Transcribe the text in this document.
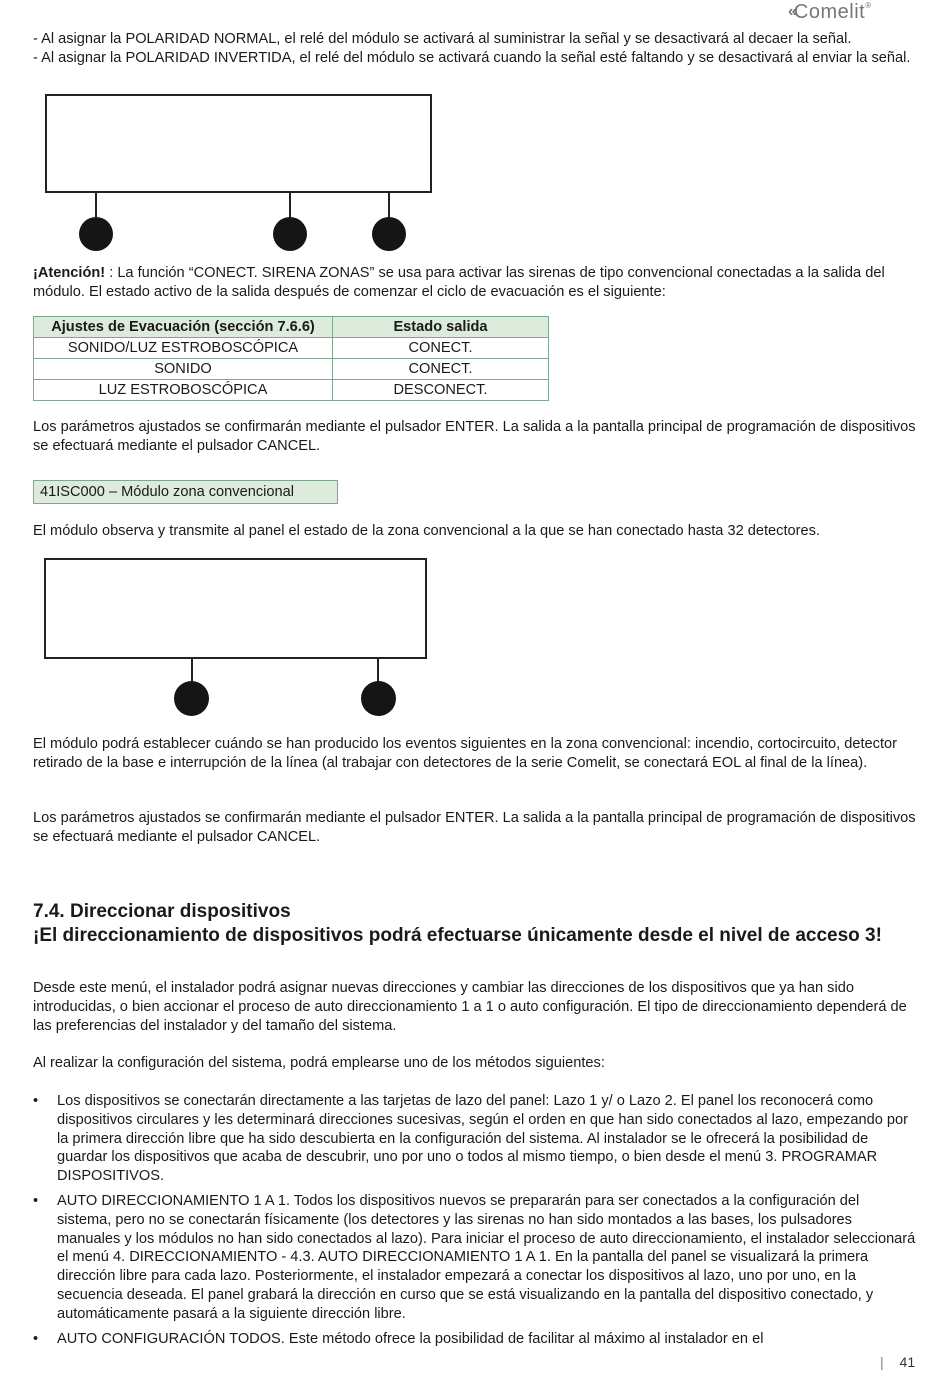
« Comelit®

- Al asignar la POLARIDAD NORMAL, el relé del módulo se activará al suministrar la señal y se desactivará al decaer la señal.

- Al asignar la POLARIDAD INVERTIDA, el relé del módulo se activará cuando la señal esté faltando y se desactivará al enviar la señal.

¡Atención! : La función “CONECT. SIRENA ZONAS” se usa para activar las sirenas de tipo convencional conectadas a la salida del módulo. El estado activo de la salida después de comenzar el ciclo de evacuación es el siguiente:

Ajustes de Evacuación (sección 7.6.6)	Estado salida
SONIDO/LUZ ESTROBOSCÓPICA	CONECT.
SONIDO	CONECT.
LUZ ESTROBOSCÓPICA	DESCONECT.

Los parámetros ajustados se confirmarán mediante el pulsador ENTER. La salida a la pantalla principal de programación de dispositivos se efectuará mediante el pulsador CANCEL.

41ISC000 – Módulo zona convencional

El módulo observa y transmite al panel el estado de la zona convencional a la que se han conectado hasta 32 detectores.

El módulo podrá establecer cuándo se han producido los eventos siguientes en la zona convencional: incendio, cortocircuito, detector retirado de la base e interrupción de la línea (al trabajar con detectores de la serie Comelit, se conectará EOL al final de la línea).

Los parámetros ajustados se confirmarán mediante el pulsador ENTER. La salida a la pantalla principal de programación de dispositivos se efectuará mediante el pulsador CANCEL.

7.4. Direccionar dispositivos
¡El direccionamiento de dispositivos podrá efectuarse únicamente desde el nivel de acceso 3!

Desde este menú, el instalador podrá asignar nuevas direcciones y cambiar las direcciones de los dispositivos que ya han sido introducidas, o bien accionar el proceso de auto direccionamiento 1 a 1 o auto configuración. El tipo de direccionamiento dependerá de las preferencias del instalador y del tamaño del sistema.

Al realizar la configuración del sistema, podrá emplearse uno de los métodos siguientes:

• Los dispositivos se conectarán directamente a las tarjetas de lazo del panel: Lazo 1 y/ o Lazo 2. El panel los reconocerá como dispositivos circulares y les determinará direcciones sucesivas, según el orden en que han sido conectados al lazo, empezando por la primera dirección libre que ha sido descubierta en la configuración del sistema. Al instalador se le ofrecerá la posibilidad de guardar los dispositivos que acaba de descubrir, uno por uno o todos al mismo tiempo, o bien desde el menú 3. PROGRAMAR DISPOSITIVOS.
• AUTO DIRECCIONAMIENTO 1 A 1. Todos los dispositivos nuevos se prepararán para ser conectados a la configuración del sistema, pero no se conectarán físicamente (los detectores y las sirenas no han sido montados a las bases, los pulsadores manuales y los módulos no han sido conectados al lazo). Para iniciar el proceso de auto direccionamiento, el instalador seleccionará el menú 4. DIRECCIONAMIENTO - 4.3. AUTO DIRECCIONAMIENTO 1 A 1. En la pantalla del panel se visualizará la primera dirección libre para cada lazo. Posteriormente, el instalador empezará a conectar los dispositivos al lazo, uno por uno, en la secuencia deseada. El panel grabará la dirección en curso que se está visualizando en la pantalla del dispositivo conectado, y automáticamente pasará a la siguiente dirección libre.
• AUTO CONFIGURACIÓN TODOS. Este método ofrece la posibilidad de facilitar al máximo al instalador en el
| 41
